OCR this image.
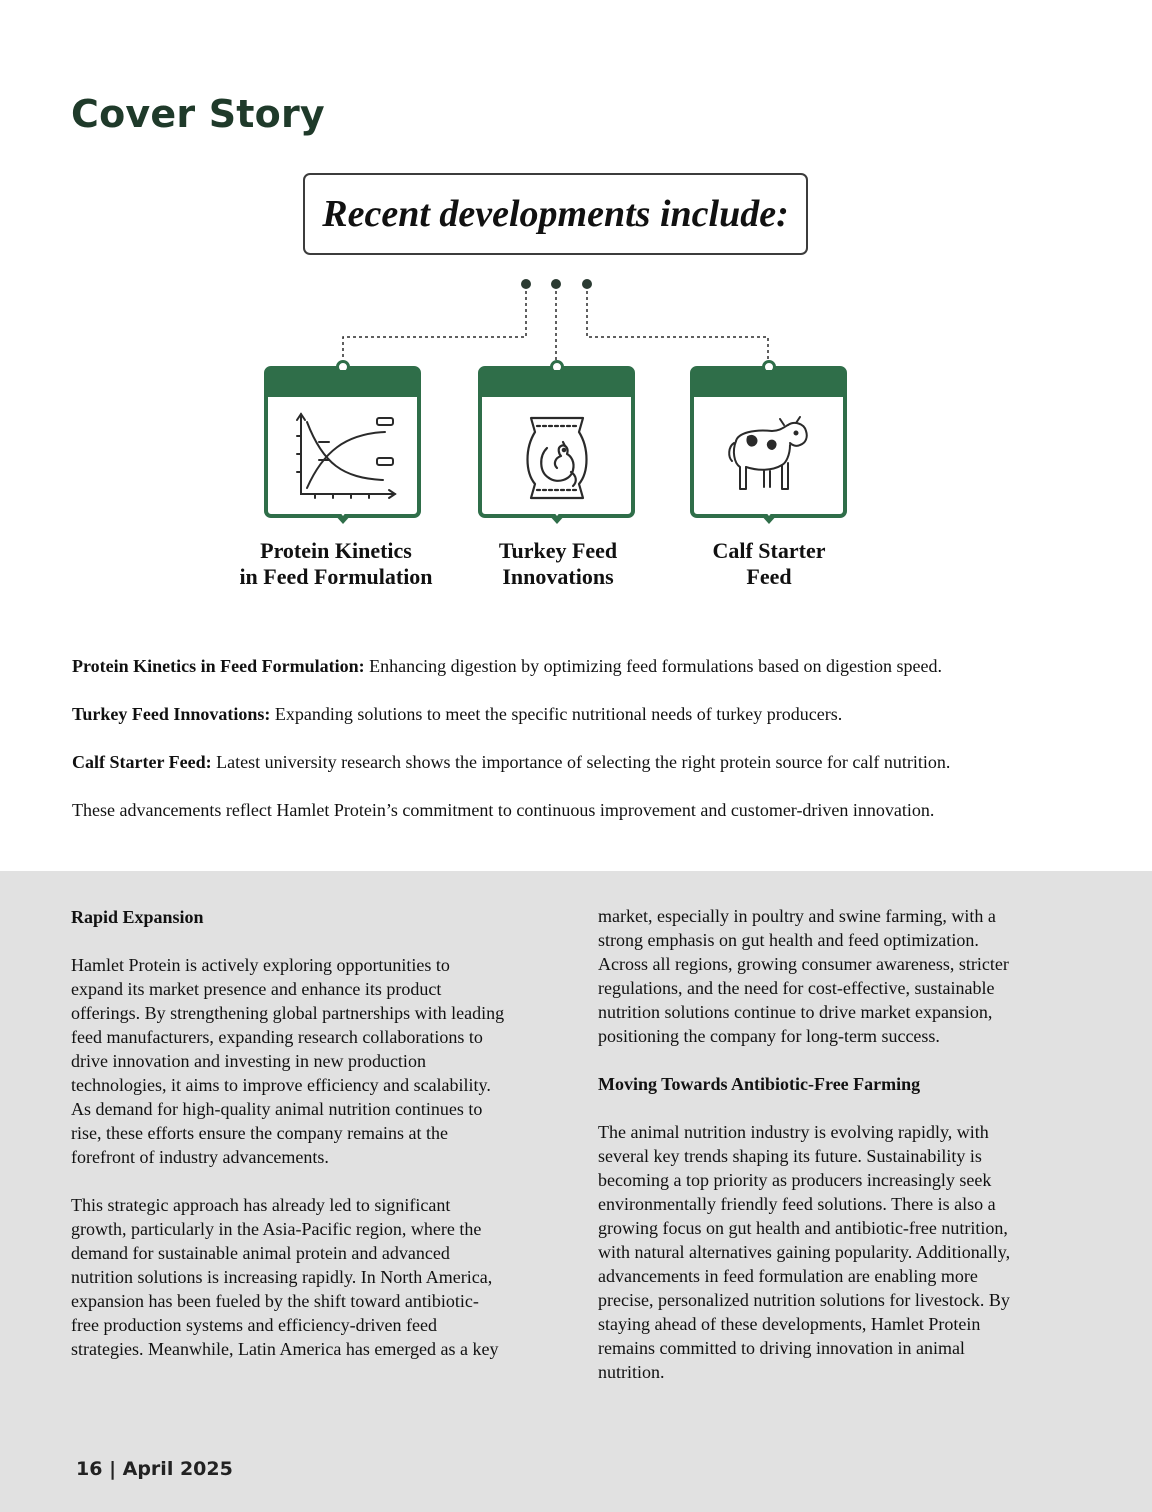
Cover Story
Recent developments include:
Protein Kinetics
in Feed Formulation
Turkey Feed
Innovations
Calf Starter
Feed

Protein Kinetics in Feed Formulation: Enhancing digestion by optimizing feed formulations based on digestion speed.

Turkey Feed Innovations: Expanding solutions to meet the specific nutritional needs of turkey producers.

Calf Starter Feed: Latest university research shows the importance of selecting the right protein source for calf nutrition.

These advancements reflect Hamlet Protein’s commitment to continuous improvement and customer-driven innovation.

Rapid Expansion
Hamlet Protein is actively exploring opportunities to
expand its market presence and enhance its product
offerings. By strengthening global partnerships with leading
feed manufacturers, expanding research collaborations to
drive innovation and investing in new production
technologies, it aims to improve efficiency and scalability.
As demand for high-quality animal nutrition continues to
rise, these efforts ensure the company remains at the
forefront of industry advancements.
This strategic approach has already led to significant
growth, particularly in the Asia-Pacific region, where the
demand for sustainable animal protein and advanced
nutrition solutions is increasing rapidly. In North America,
expansion has been fueled by the shift toward antibiotic-
free production systems and efficiency-driven feed
strategies. Meanwhile, Latin America has emerged as a key
market, especially in poultry and swine farming, with a
strong emphasis on gut health and feed optimization.
Across all regions, growing consumer awareness, stricter
regulations, and the need for cost-effective, sustainable
nutrition solutions continue to drive market expansion,
positioning the company for long-term success.
Moving Towards Antibiotic-Free Farming
The animal nutrition industry is evolving rapidly, with
several key trends shaping its future. Sustainability is
becoming a top priority as producers increasingly seek
environmentally friendly feed solutions. There is also a
growing focus on gut health and antibiotic-free nutrition,
with natural alternatives gaining popularity. Additionally,
advancements in feed formulation are enabling more
precise, personalized nutrition solutions for livestock. By
staying ahead of these developments, Hamlet Protein
remains committed to driving innovation in animal
nutrition.
16 | April 2025
